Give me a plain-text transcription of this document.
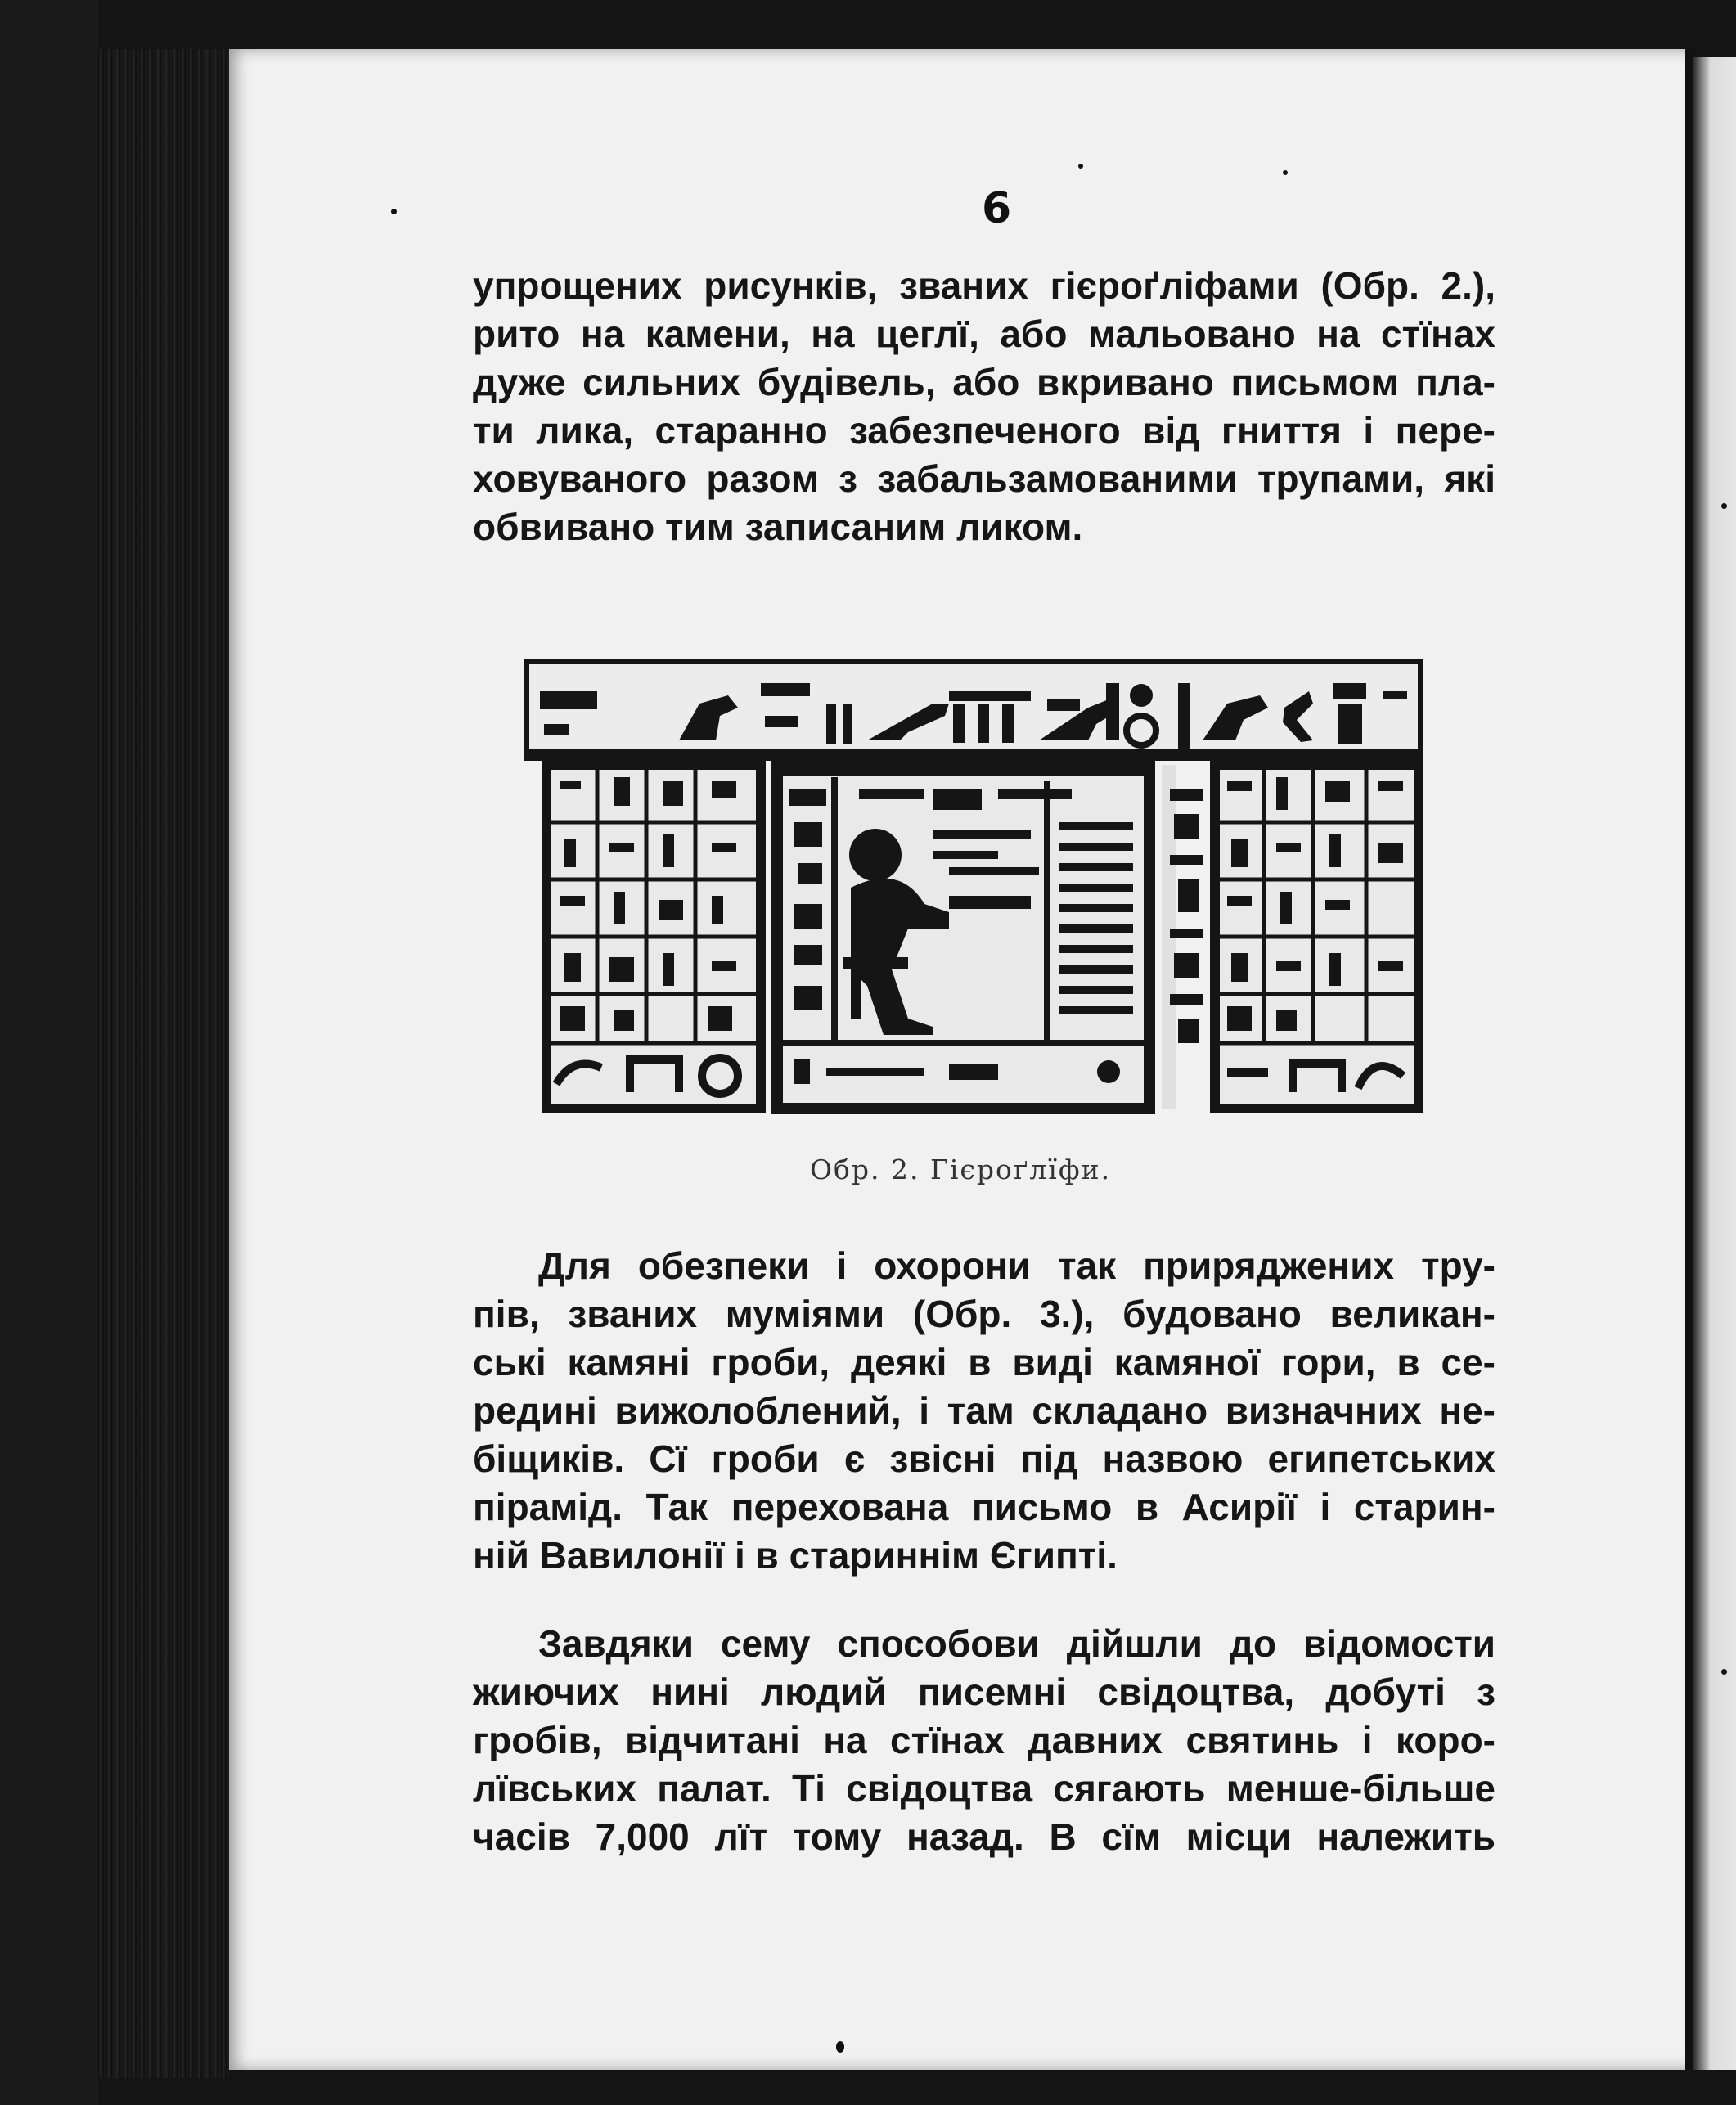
6
упрощених рисунків, званих гієроґліфами (Обр. 2.),
рито на камени, на цеглї, або мальовано на стїнах
дуже сильних будівель, або вкривано письмом пла-
ти лика, старанно забезпеченого від гниття і пере-
ховуваного разом з забальзамованими трупами, які
обвивано тим записаним ликом.
Обр. 2. Гієроґлїфи.
Для обезпеки і охорони так приряджених тру-
пів, званих муміями (Обр. 3.), будовано великан-
ські камяні гроби, деякі в виді камяної гори, в се-
редині вижолоблений, і там складано визначних не-
біщиків. Сї гроби є звісні під назвою египетських
пірамід. Так перехована письмо в Асирії і старин-
ній Вавилонії і в стариннім Єгипті.
Завдяки сему способови дійшли до відомости
жиючих нині людий писемні свідоцтва, добуті з
гробів, відчитані на стїнах давних святинь і коро-
лївських палат. Ті свідоцтва сягають менше-більше
часів 7,000 лїт тому назад. В сїм місци належить
